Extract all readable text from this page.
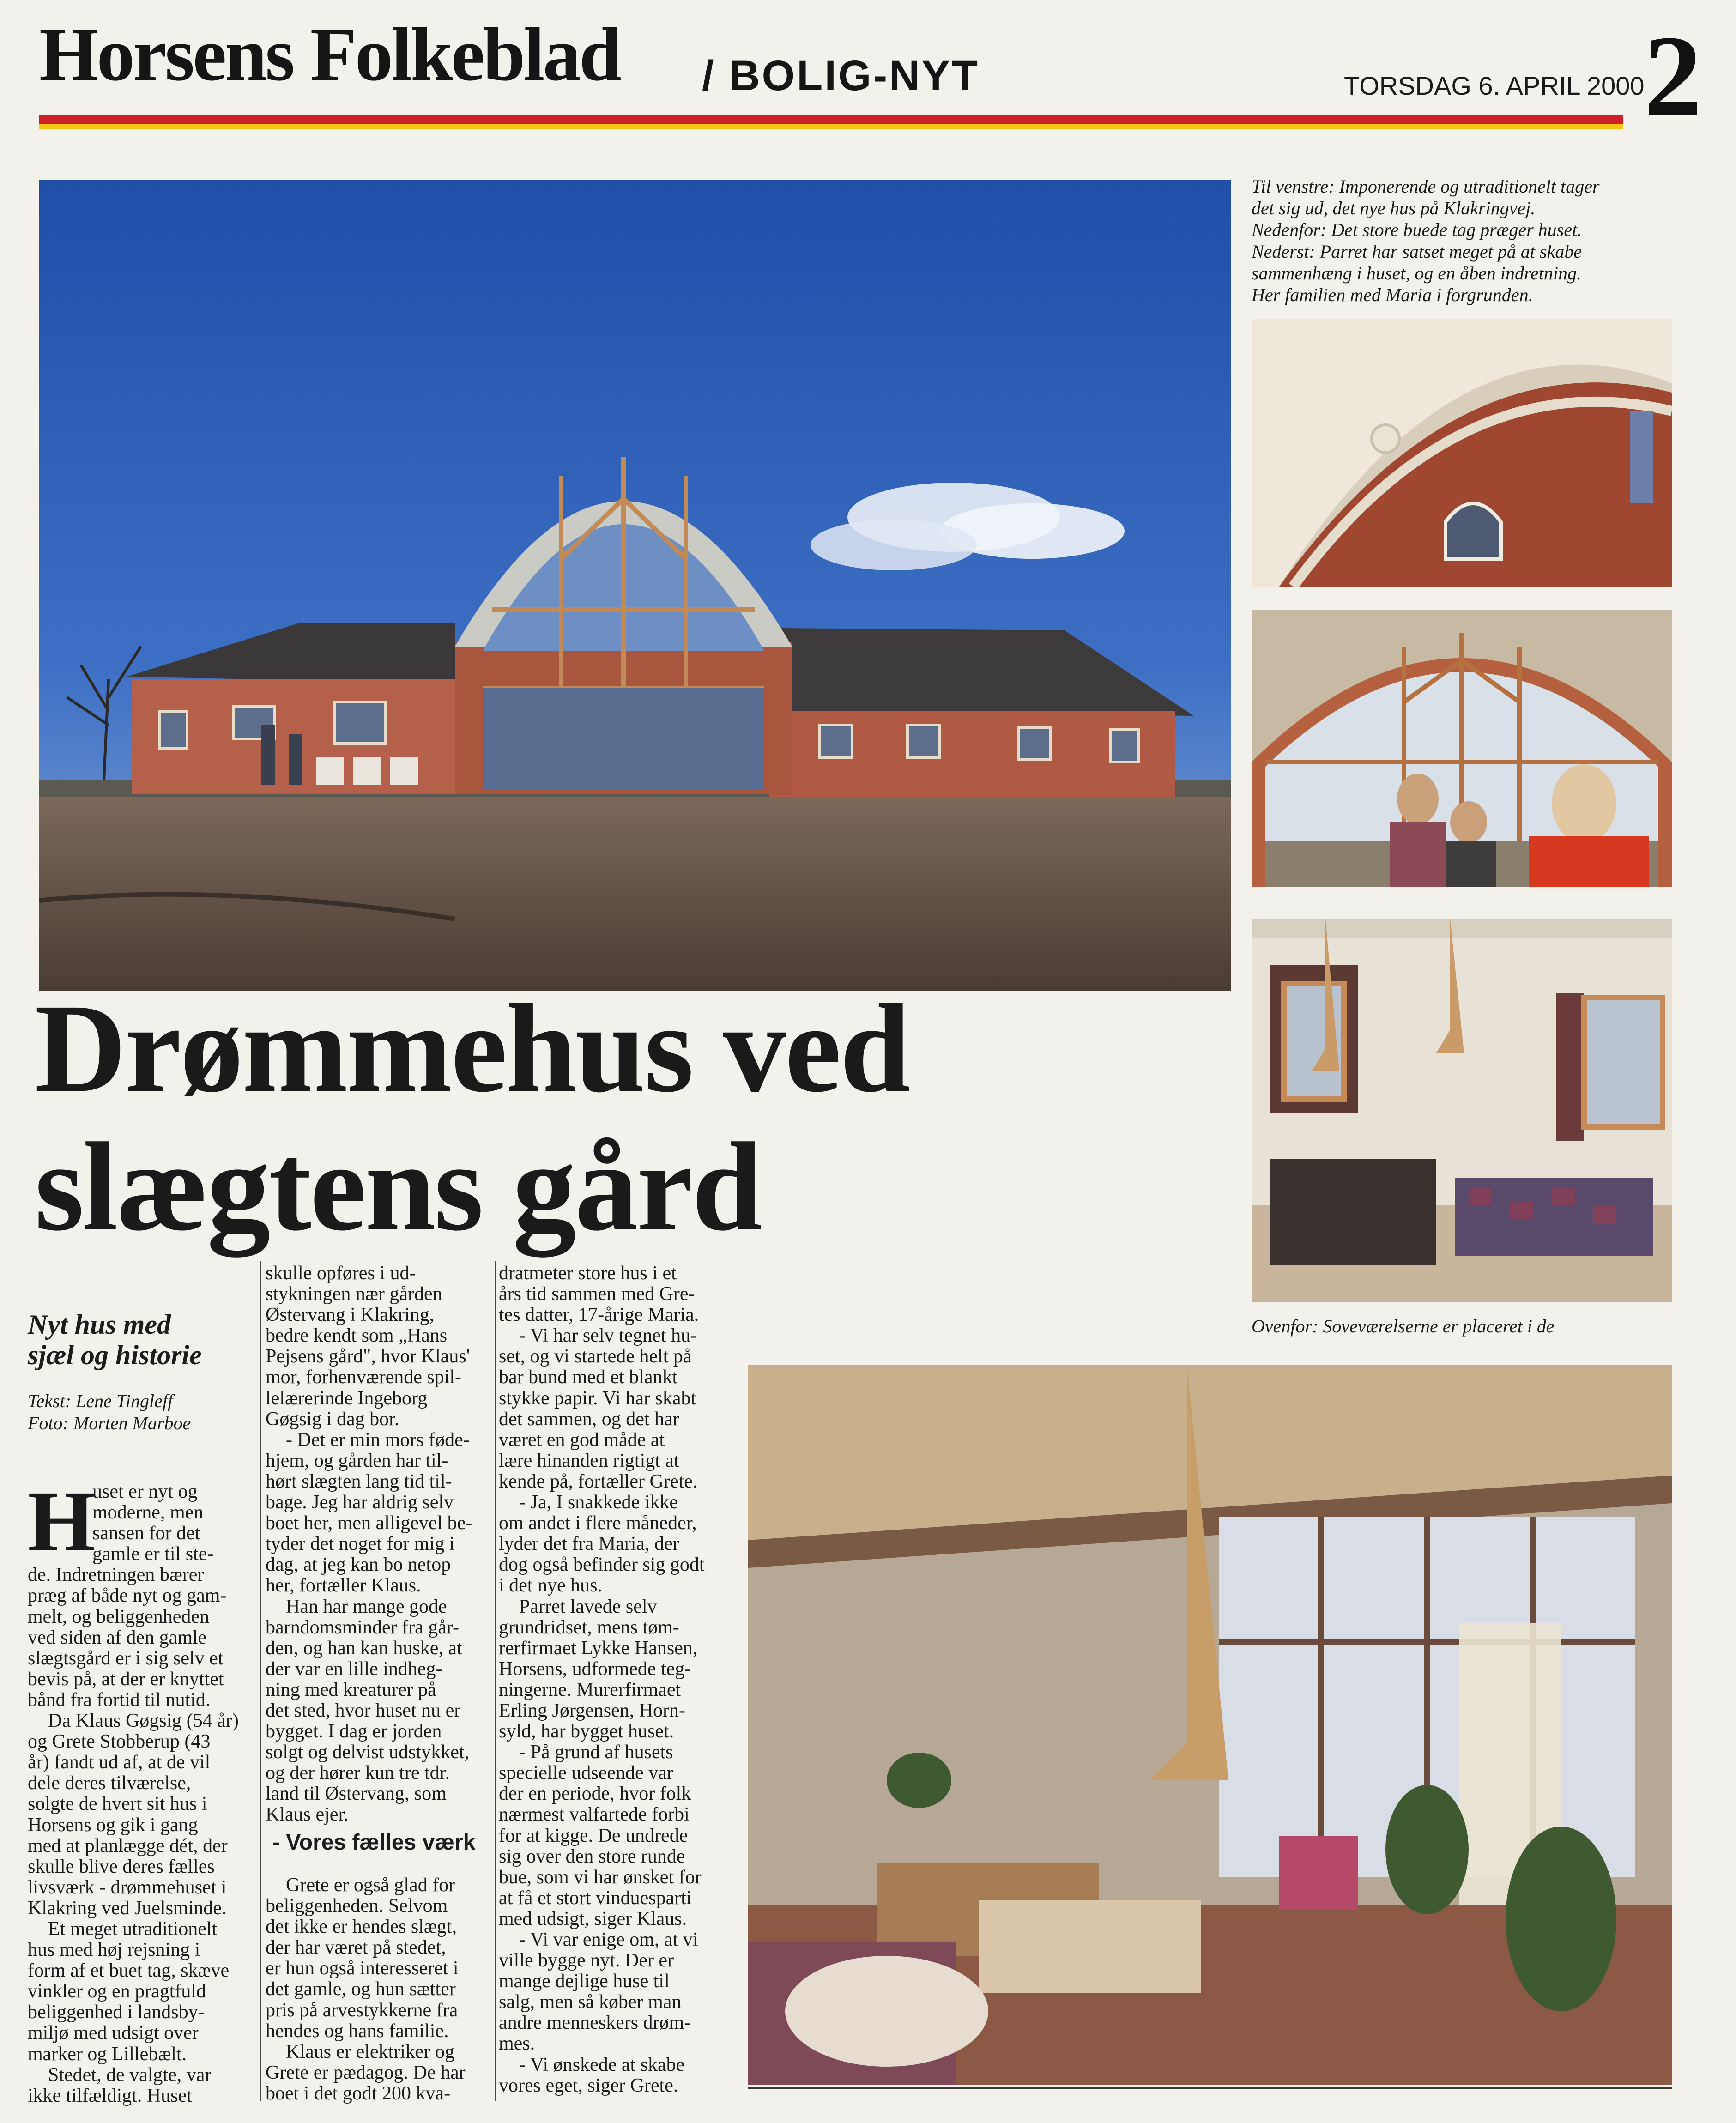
Horsens Folkeblad / BOLIG-NYT	TORSDAG 6. APRIL 2000 2
Til venstre: Imponerende og utraditionelt tager
det sig ud, det nye hus på Klakringvej.
Nedenfor: Det store buede tag præger huset.
Nederst: Parret har satset meget på at skabe
sammenhæng i huset, og en åben indretning.
Her familien med Maria i forgrunden.
Ovenfor: Soveværelserne er placeret i de
Drømmehus ved
slægtens gård
Nyt hus med
sjæl og historie
Tekst: Lene Tingleff
Foto: Morten Marboe
H
uset er nyt og
moderne, men
sansen for det
gamle er til ste-
de. Indretningen bærer
præg af både nyt og gam-
melt, og beliggenheden
ved siden af den gamle
slægtsgård er i sig selv et
bevis på, at der er knyttet
bånd fra fortid til nutid.
Da Klaus Gøgsig (54 år)
og Grete Stobberup (43
år) fandt ud af, at de vil
dele deres tilværelse,
solgte de hvert sit hus i
Horsens og gik i gang
med at planlægge dét, der
skulle blive deres fælles
livsværk - drømmehuset i
Klakring ved Juelsminde.
Et meget utraditionelt
hus med høj rejsning i
form af et buet tag, skæve
vinkler og en pragtfuld
beliggenhed i landsby-
miljø med udsigt over
marker og Lillebælt.
Stedet, de valgte, var
ikke tilfældigt. Huset
skulle opføres i ud-
stykningen nær gården
Østervang i Klakring,
bedre kendt som „Hans
Pejsens gård", hvor Klaus'
mor, forhenværende spil-
lelærerinde Ingeborg
Gøgsig i dag bor.
- Det er min mors føde-
hjem, og gården har til-
hørt slægten lang tid til-
bage. Jeg har aldrig selv
boet her, men alligevel be-
tyder det noget for mig i
dag, at jeg kan bo netop
her, fortæller Klaus.
Han har mange gode
barndomsminder fra går-
den, og han kan huske, at
der var en lille indheg-
ning med kreaturer på
det sted, hvor huset nu er
bygget. I dag er jorden
solgt og delvist udstykket,
og der hører kun tre tdr.
land til Østervang, som
Klaus ejer.
- Vores fælles værk
Grete er også glad for
beliggenheden. Selvom
det ikke er hendes slægt,
der har været på stedet,
er hun også interesseret i
det gamle, og hun sætter
pris på arvestykkerne fra
hendes og hans familie.
Klaus er elektriker og
Grete er pædagog. De har
boet i det godt 200 kva-
dratmeter store hus i et
års tid sammen med Gre-
tes datter, 17-årige Maria.
- Vi har selv tegnet hu-
set, og vi startede helt på
bar bund med et blankt
stykke papir. Vi har skabt
det sammen, og det har
været en god måde at
lære hinanden rigtigt at
kende på, fortæller Grete.
- Ja, I snakkede ikke
om andet i flere måneder,
lyder det fra Maria, der
dog også befinder sig godt
i det nye hus.
Parret lavede selv
grundridset, mens tøm-
rerfirmaet Lykke Hansen,
Horsens, udformede teg-
ningerne. Murerfirmaet
Erling Jørgensen, Horn-
syld, har bygget huset.
- På grund af husets
specielle udseende var
der en periode, hvor folk
nærmest valfartede forbi
for at kigge. De undrede
sig over den store runde
bue, som vi har ønsket for
at få et stort vinduesparti
med udsigt, siger Klaus.
- Vi var enige om, at vi
ville bygge nyt. Der er
mange dejlige huse til
salg, men så køber man
andre menneskers drøm-
mes.
- Vi ønskede at skabe
vores eget, siger Grete.
